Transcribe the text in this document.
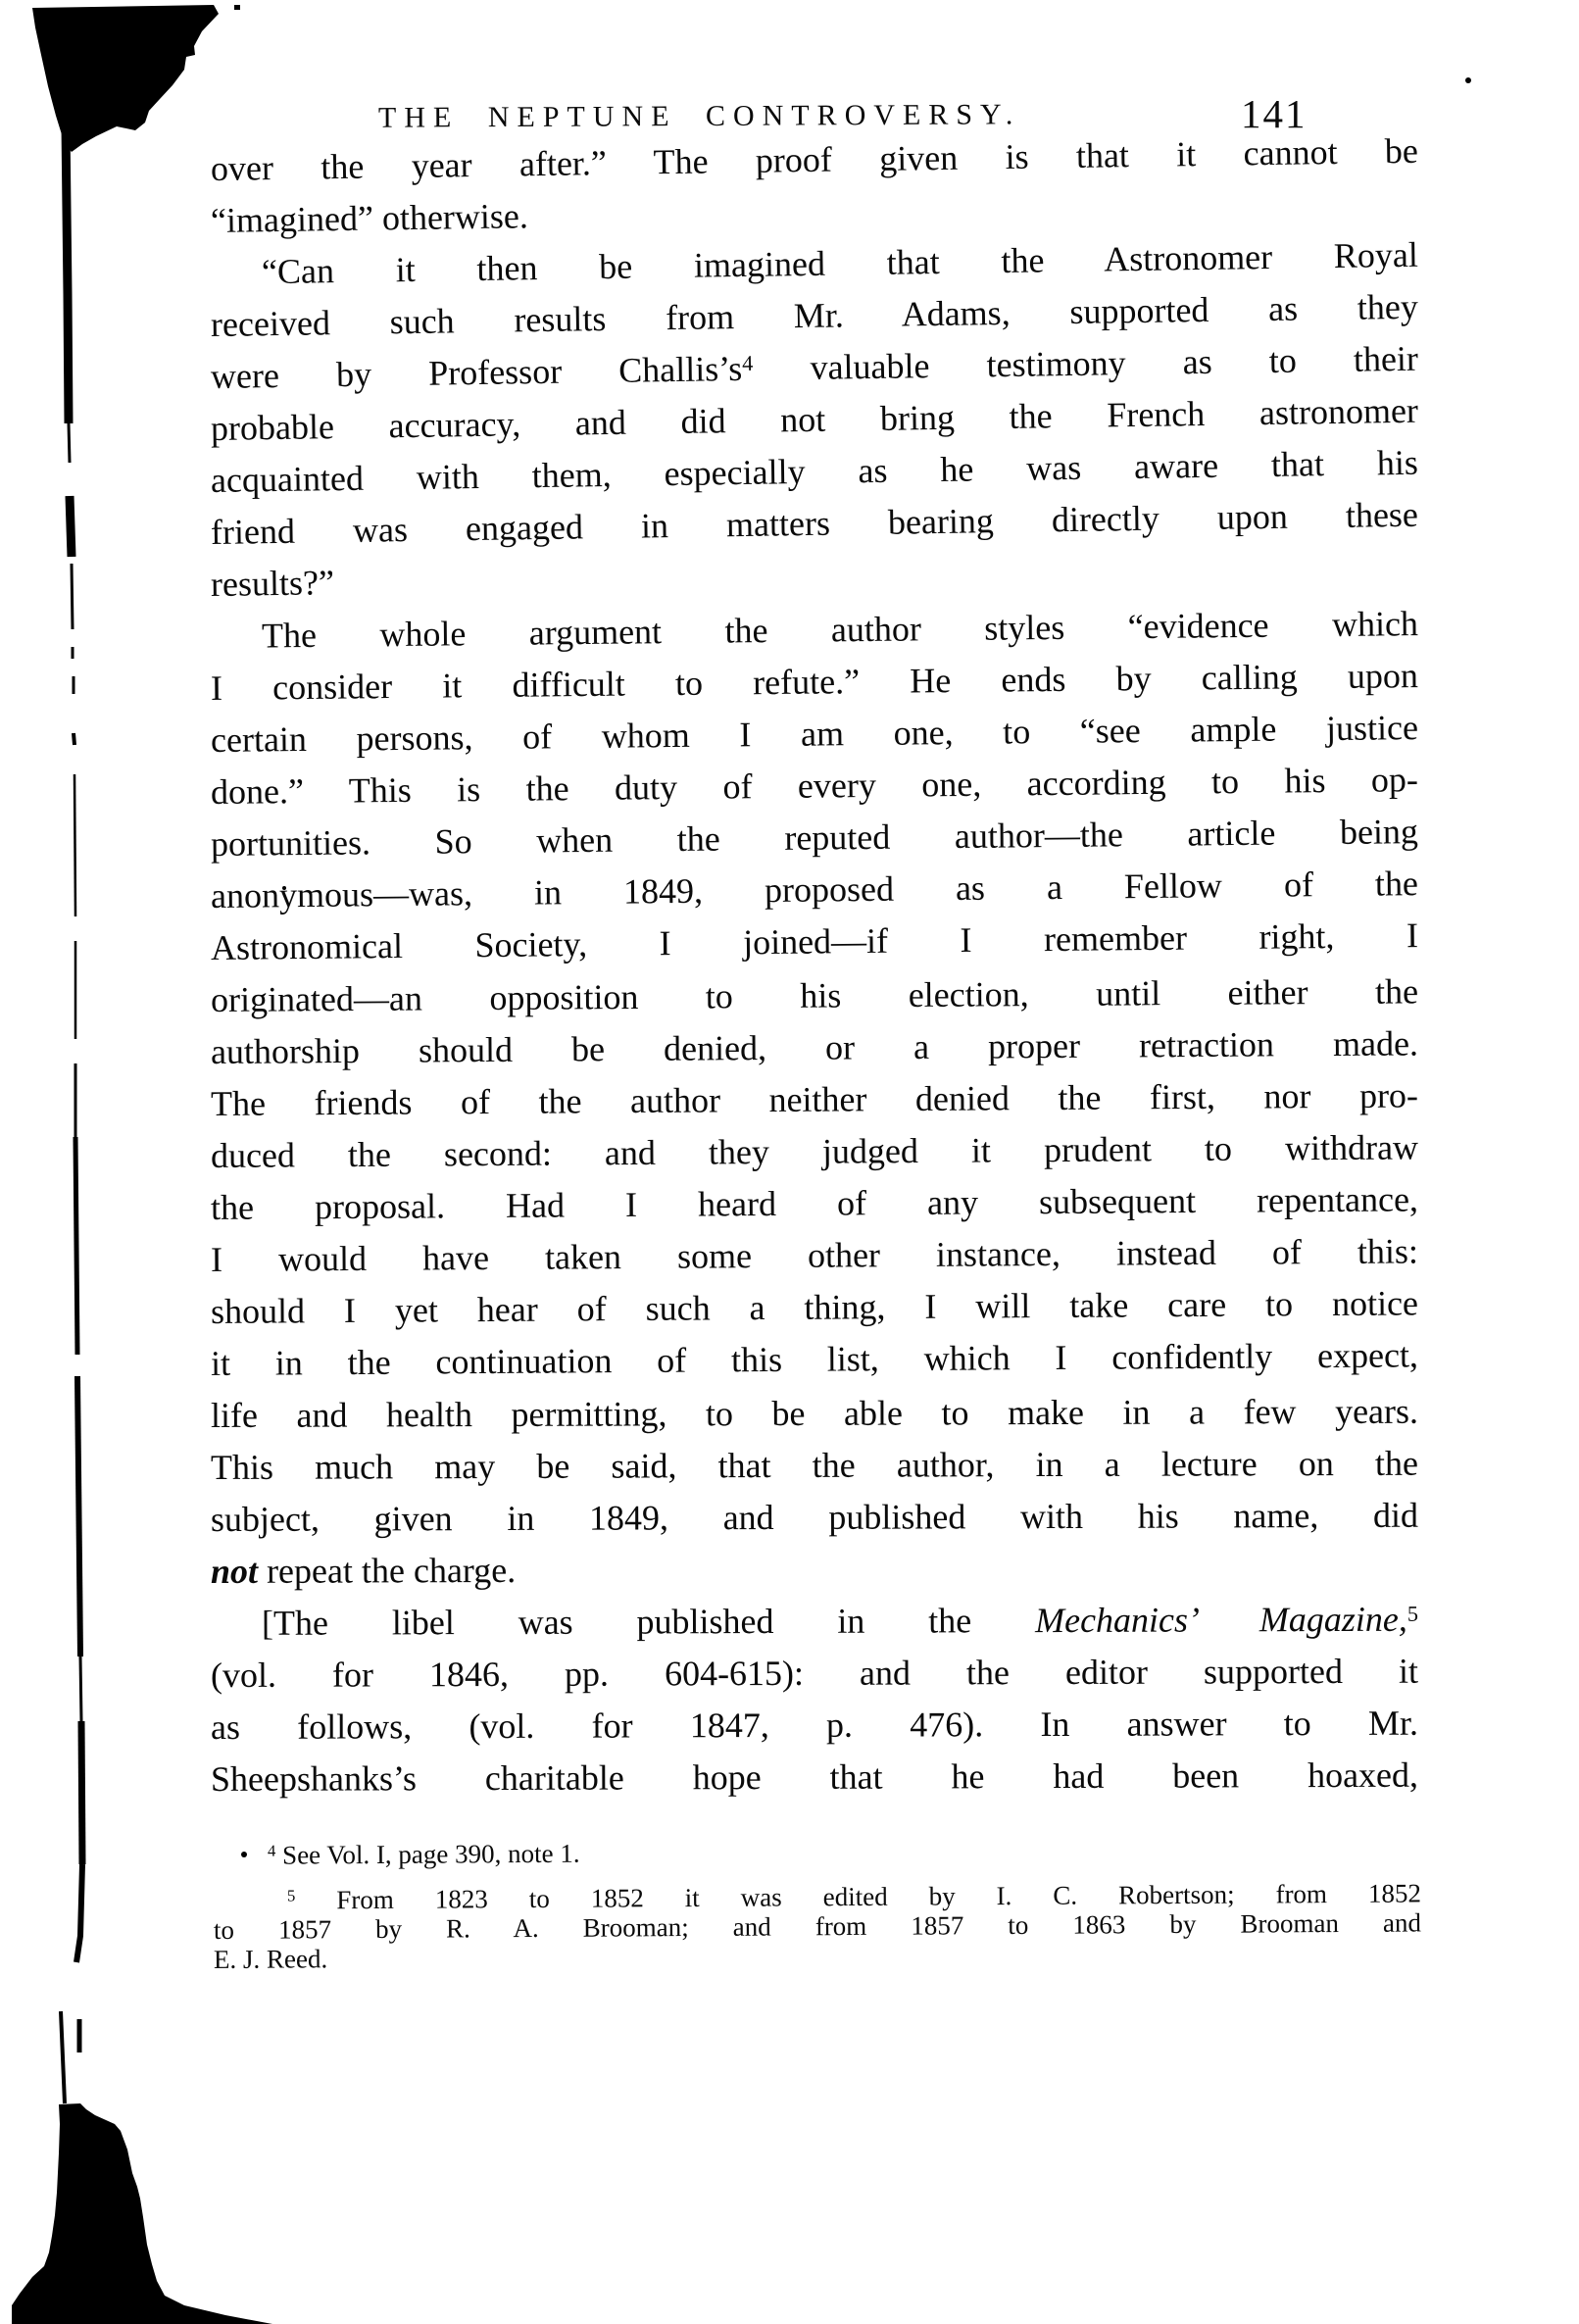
THE NEPTUNE CONTROVERSY.	141
over the year after.” The proof given is that it cannot be
“imagined” otherwise.
“Can it then be imagined that the Astronomer Royal
received such results from Mr. Adams, supported as they
were by Professor $Challis’s^4$ valuable testimony as to their
probable accuracy, and did not bring the French astronomer
acquainted with them, especially as he was aware that his
friend was engaged in matters bearing directly upon these
results?”
The whole argument the author styles “evidence which
I consider it difficult to refute.” He ends by calling upon
certain persons, of whom I am one, to “see ample justice
done.” This is the duty of every one, according to his op-
portunities. So when the reputed author—the article being
anonymous—was, in 1849, proposed as a Fellow of the
Astronomical Society, I joined—if I remember right, I
originated—an opposition to his election, until either the
authorship should be denied, or a proper retraction made.
The friends of the author neither denied the first, nor pro-
duced the second: and they judged it prudent to withdraw
the proposal. Had I heard of any subsequent repentance,
I would have taken some other instance, instead of this:
should I yet hear of such a thing, I will take care to notice
it in the continuation of this list, which I confidently expect,
life and health permitting, to be able to make in a few years.
This much may be said, that the author, in a lecture on the
subject, given in 1849, and published with his name, did
not repeat the charge.
[The libel was published in the Mechanics’ Magazine,$^5$
(vol. for 1846, pp. 604-615): and the editor supported it
as follows, (vol. for 1847, p. 476). In answer to Mr.
Sheepshanks’s charitable hope that he had been hoaxed,
$^4$ See Vol. I, page 390, note 1.
$^5$ From 1823 to 1852 it was edited by I. C. Robertson; from 1852
to 1857 by R. A. Brooman; and from 1857 to 1863 by Brooman and
E. J. Reed.
